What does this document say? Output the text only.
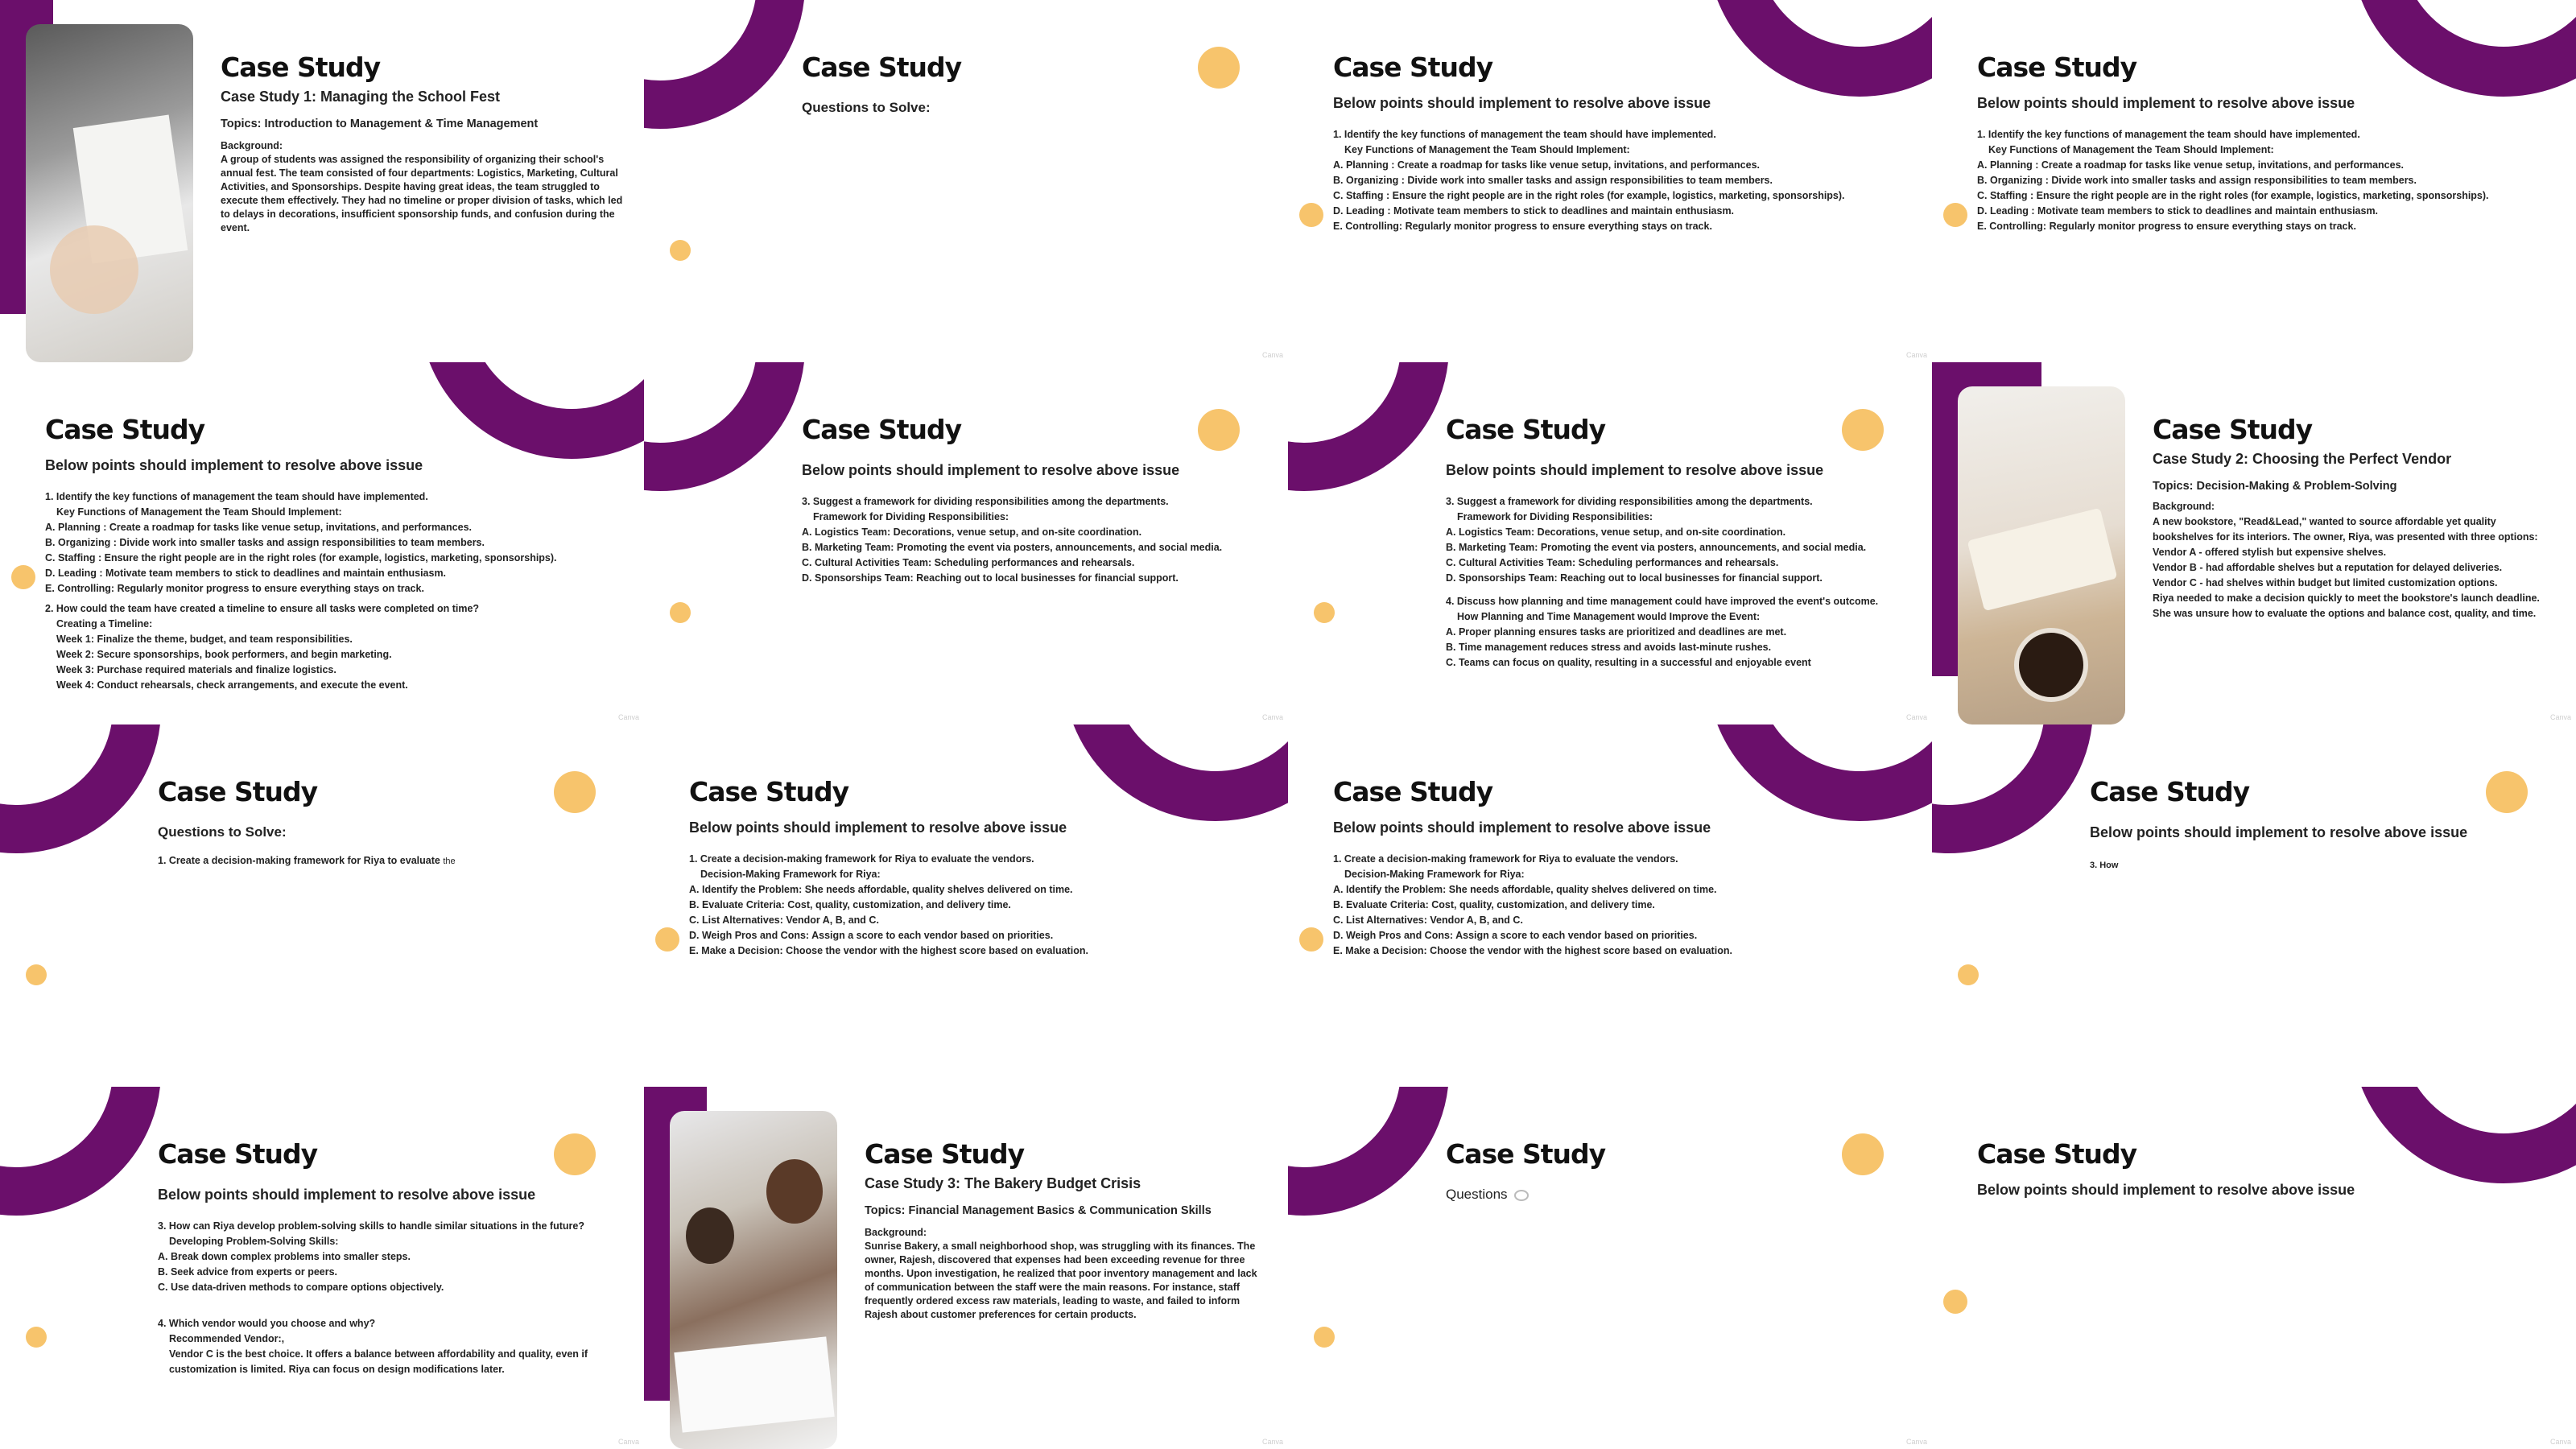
Case Study
Case Study 1: Managing the School Fest
Topics: Introduction to Management & Time Management
Background:
A group of students was assigned the responsibility of organizing their school's annual fest. The team consisted of four departments: Logistics, Marketing, Cultural Activities, and Sponsorships. Despite having great ideas, the team struggled to execute them effectively. They had no timeline or proper division of tasks, which led to delays in decorations, insufficient sponsorship funds, and confusion during the event.
Case Study
Questions to Solve:
Canva
Case Study
Below points should implement to resolve above issue
1. Identify the key functions of management the team should have implemented.
Key Functions of Management the Team Should Implement:
A. Planning : Create a roadmap for tasks like venue setup, invitations, and performances.
B. Organizing : Divide work into smaller tasks and assign responsibilities to team members.
C. Staffing : Ensure the right people are in the right roles (for example, logistics, marketing, sponsorships).
D. Leading : Motivate team members to stick to deadlines and maintain enthusiasm.
E. Controlling: Regularly monitor progress to ensure everything stays on track.
Canva
Case Study
Below points should implement to resolve above issue
1. Identify the key functions of management the team should have implemented.
Key Functions of Management the Team Should Implement:
A. Planning : Create a roadmap for tasks like venue setup, invitations, and performances.
B. Organizing : Divide work into smaller tasks and assign responsibilities to team members.
C. Staffing : Ensure the right people are in the right roles (for example, logistics, marketing, sponsorships).
D. Leading : Motivate team members to stick to deadlines and maintain enthusiasm.
E. Controlling: Regularly monitor progress to ensure everything stays on track.
Case Study
Below points should implement to resolve above issue
1. Identify the key functions of management the team should have implemented.
Key Functions of Management the Team Should Implement:
A. Planning : Create a roadmap for tasks like venue setup, invitations, and performances.
B. Organizing : Divide work into smaller tasks and assign responsibilities to team members.
C. Staffing : Ensure the right people are in the right roles (for example, logistics, marketing, sponsorships).
D. Leading : Motivate team members to stick to deadlines and maintain enthusiasm.
E. Controlling: Regularly monitor progress to ensure everything stays on track.
2. How could the team have created a timeline to ensure all tasks were completed on time?
Creating a Timeline:
Week 1: Finalize the theme, budget, and team responsibilities.
Week 2: Secure sponsorships, book performers, and begin marketing.
Week 3: Purchase required materials and finalize logistics.
Week 4: Conduct rehearsals, check arrangements, and execute the event.
Canva
Case Study
Below points should implement to resolve above issue
3. Suggest a framework for dividing responsibilities among the departments.
Framework for Dividing Responsibilities:
A. Logistics Team: Decorations, venue setup, and on-site coordination.
B. Marketing Team: Promoting the event via posters, announcements, and social media.
C. Cultural Activities Team: Scheduling performances and rehearsals.
D. Sponsorships Team: Reaching out to local businesses for financial support.
Canva
Case Study
Below points should implement to resolve above issue
3. Suggest a framework for dividing responsibilities among the departments.
Framework for Dividing Responsibilities:
A. Logistics Team: Decorations, venue setup, and on-site coordination.
B. Marketing Team: Promoting the event via posters, announcements, and social media.
C. Cultural Activities Team: Scheduling performances and rehearsals.
D. Sponsorships Team: Reaching out to local businesses for financial support.
4. Discuss how planning and time management could have improved the event's outcome.
How Planning and Time Management would Improve the Event:
A. Proper planning ensures tasks are prioritized and deadlines are met.
B. Time management reduces stress and avoids last-minute rushes.
C. Teams can focus on quality, resulting in a successful and enjoyable event
Canva
Case Study
Case Study 2: Choosing the Perfect Vendor
Topics: Decision-Making & Problem-Solving
Background:
A new bookstore, "Read&Lead," wanted to source affordable yet quality
bookshelves for its interiors. The owner, Riya, was presented with three options:
Vendor A - offered stylish but expensive shelves.
Vendor B - had affordable shelves but a reputation for delayed deliveries.
Vendor C - had shelves within budget but limited customization options.
Riya needed to make a decision quickly to meet the bookstore's launch deadline.
She was unsure how to evaluate the options and balance cost, quality, and time.
Canva
Case Study
Questions to Solve:
1. Create a decision-making framework for Riya to evaluate the
Case Study
Below points should implement to resolve above issue
1. Create a decision-making framework for Riya to evaluate the vendors.
Decision-Making Framework for Riya:
A. Identify the Problem: She needs affordable, quality shelves delivered on time.
B. Evaluate Criteria: Cost, quality, customization, and delivery time.
C. List Alternatives: Vendor A, B, and C.
D. Weigh Pros and Cons: Assign a score to each vendor based on priorities.
E. Make a Decision: Choose the vendor with the highest score based on evaluation.
Case Study
Below points should implement to resolve above issue
1. Create a decision-making framework for Riya to evaluate the vendors.
Decision-Making Framework for Riya:
A. Identify the Problem: She needs affordable, quality shelves delivered on time.
B. Evaluate Criteria: Cost, quality, customization, and delivery time.
C. List Alternatives: Vendor A, B, and C.
D. Weigh Pros and Cons: Assign a score to each vendor based on priorities.
E. Make a Decision: Choose the vendor with the highest score based on evaluation.
Case Study
Below points should implement to resolve above issue
3. How
Case Study
Below points should implement to resolve above issue
3. How can Riya develop problem-solving skills to handle similar situations in the future?
Developing Problem-Solving Skills:
A. Break down complex problems into smaller steps.
B. Seek advice from experts or peers.
C. Use data-driven methods to compare options objectively.
4. Which vendor would you choose and why?
Recommended Vendor:,
Vendor C is the best choice. It offers a balance between affordability and quality, even if
customization is limited. Riya can focus on design modifications later.
Canva
Case Study
Case Study 3: The Bakery Budget Crisis
Topics: Financial Management Basics & Communication Skills
Background:
Sunrise Bakery, a small neighborhood shop, was struggling with its finances. The owner, Rajesh, discovered that expenses had been exceeding revenue for three months. Upon investigation, he realized that poor inventory management and lack of communication between the staff were the main reasons. For instance, staff frequently ordered excess raw materials, leading to waste, and failed to inform Rajesh about customer preferences for certain products.
Canva
Case Study
Questions
Canva
Case Study
Below points should implement to resolve above issue
Canva
